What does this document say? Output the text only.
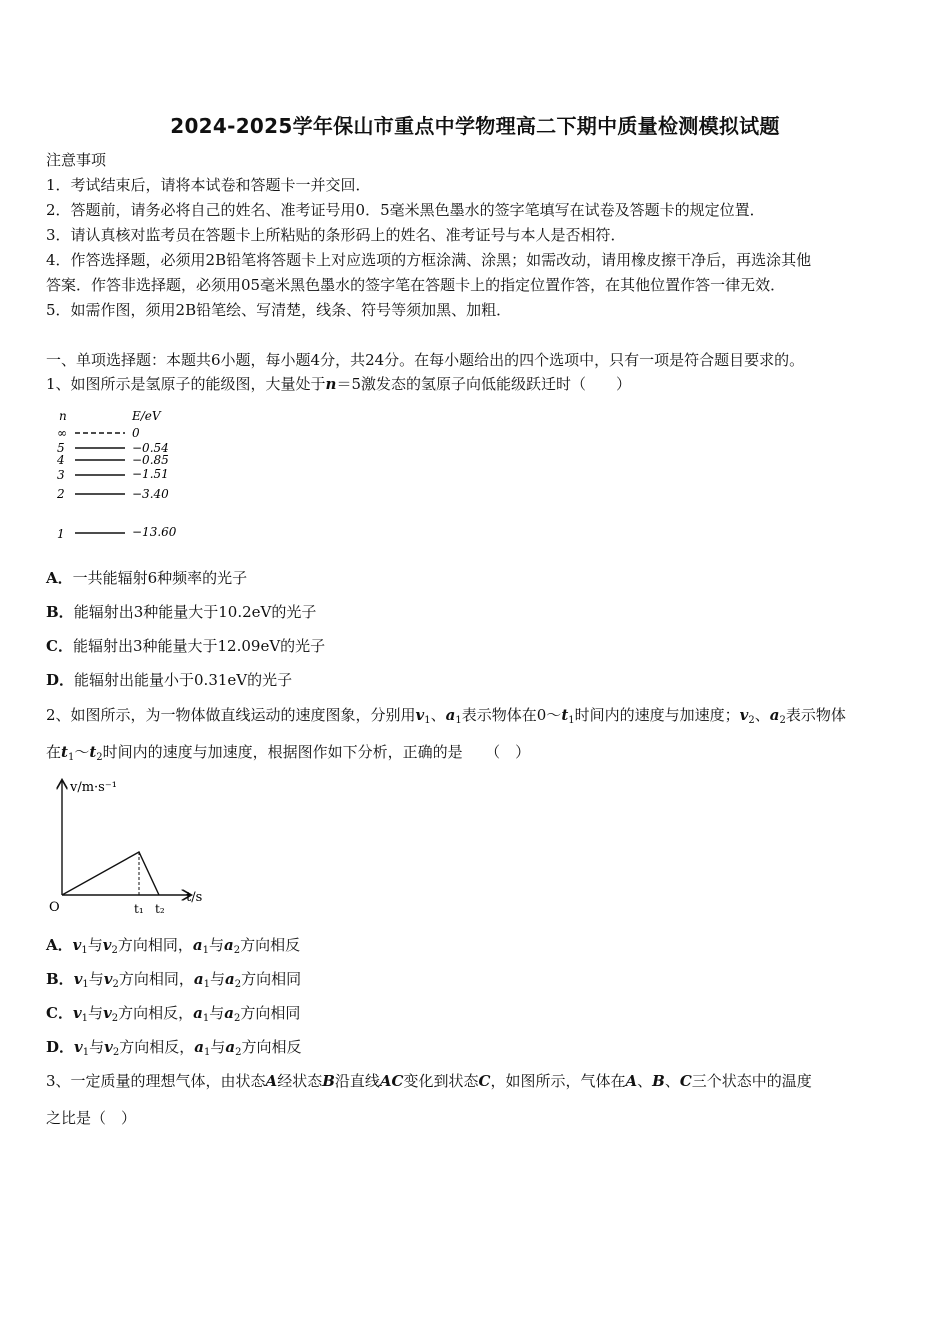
2024-2025学年保山市重点中学物理高二下期中质量检测模拟试题
注意事项
1．考试结束后，请将本试卷和答题卡一并交回．
2．答题前，请务必将自己的姓名、准考证号用0．5毫米黑色墨水的签字笔填写在试卷及答题卡的规定位置．
3．请认真核对监考员在答题卡上所粘贴的条形码上的姓名、准考证号与本人是否相符．
4．作答选择题，必须用2B铅笔将答题卡上对应选项的方框涂满、涂黑；如需改动，请用橡皮擦干净后，再选涂其他
答案．作答非选择题，必须用05毫米黑色墨水的签字笔在答题卡上的指定位置作答，在其他位置作答一律无效．
5．如需作图，须用2B铅笔绘、写清楚，线条、符号等须加黑、加粗．
一、单项选择题：本题共6小题，每小题4分，共24分。在每小题给出的四个选项中，只有一项是符合题目要求的。
1、如图所示是氢原子的能级图，大量处于n＝5激发态的氢原子向低能级跃迁时（　　）
n	E/eV
∞	0
5	−0.54
4	−0.85
3	−1.51
2	−3.40
1	−13.60
A．一共能辐射6种频率的光子
B．能辐射出3种能量大于10.2eV的光子
C．能辐射出3种能量大于12.09eV的光子
D．能辐射出能量小于0.31eV的光子
2、如图所示，为一物体做直线运动的速度图象，分别用$v_1$、$a_1$表示物体在$0\sim t_1$时间内的速度与加速度；$v_2$、$a_2$表示物体
在$t_1\sim t_2$时间内的速度与加速度，根据图作如下分析，正确的是　　（　）
v/m·s⁻¹
t/s
O	t₁ t₂
A．$v_1$与$v_2$方向相同，$a_1$与$a_2$方向相反
B．$v_1$与$v_2$方向相同，$a_1$与$a_2$方向相同
C．$v_1$与$v_2$方向相反，$a_1$与$a_2$方向相同
D．$v_1$与$v_2$方向相反，$a_1$与$a_2$方向相反
3、一定质量的理想气体，由状态A经状态B沿直线AC变化到状态C，如图所示，气体在A、B、C三个状态中的温度
之比是（　）
